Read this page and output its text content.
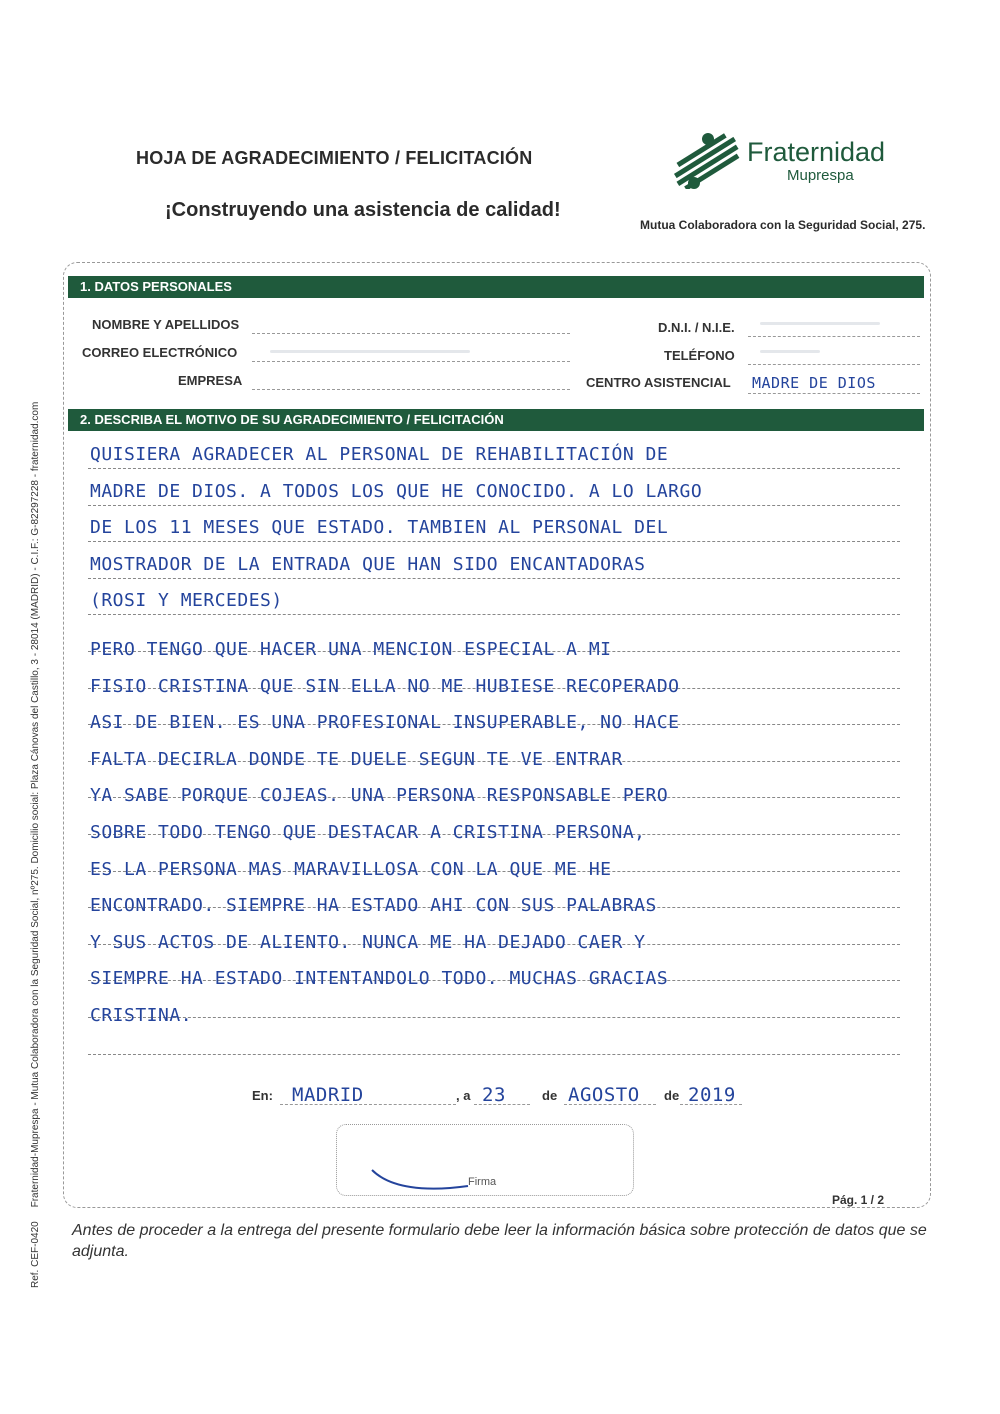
HOJA DE AGRADECIMIENTO / FELICITACIÓN
¡Construyendo una asistencia de calidad!
Fraternidad
Muprespa
Mutua Colaboradora con la Seguridad Social, 275.
Ref. CEF-0420     Fraternidad-Muprespa - Mutua Colaboradora con la Seguridad Social, nº275. Domicilio social: Plaza Cánovas del Castillo, 3 - 28014 (MADRID) - C.I.F.: G-82297228 - fraternidad.com
1. DATOS PERSONALES
NOMBRE Y APELLIDOS
CORREO ELECTRÓNICO
EMPRESA
D.N.I. / N.I.E.
TELÉFONO
CENTRO ASISTENCIAL MADRE DE DIOS
2. DESCRIBA EL MOTIVO DE SU AGRADECIMIENTO / FELICITACIÓN
QUISIERA AGRADECER AL PERSONAL DE REHABILITACIÓN DE
MADRE DE DIOS. A TODOS LOS QUE HE CONOCIDO. A LO LARGO
DE LOS 11 MESES QUE ESTADO. TAMBIEN AL PERSONAL DEL
MOSTRADOR DE LA ENTRADA QUE HAN SIDO ENCANTADORAS
(ROSI Y MERCEDES)
PERO TENGO QUE HACER UNA MENCION ESPECIAL A MI
FISIO CRISTINA QUE SIN ELLA NO ME HUBIESE RECOPERADO
ASI DE BIEN. ES UNA PROFESIONAL INSUPERABLE, NO HACE
FALTA DECIRLA DONDE TE DUELE SEGUN TE VE ENTRAR
YA SABE PORQUE COJEAS. UNA PERSONA RESPONSABLE PERO
SOBRE TODO TENGO QUE DESTACAR A CRISTINA PERSONA,
ES LA PERSONA MAS MARAVILLOSA CON LA QUE ME HE
ENCONTRADO. SIEMPRE HA ESTADO AHI CON SUS PALABRAS
Y SUS ACTOS DE ALIENTO. NUNCA ME HA DEJADO CAER Y
SIEMPRE HA ESTADO INTENTANDOLO TODO. MUCHAS GRACIAS
CRISTINA.
En: MADRID	, a 23	de AGOSTO de 2019
Firma
Pág. 1 / 2
Antes de proceder a la entrega del presente formulario debe leer la información básica sobre protección de datos que se adjunta.
